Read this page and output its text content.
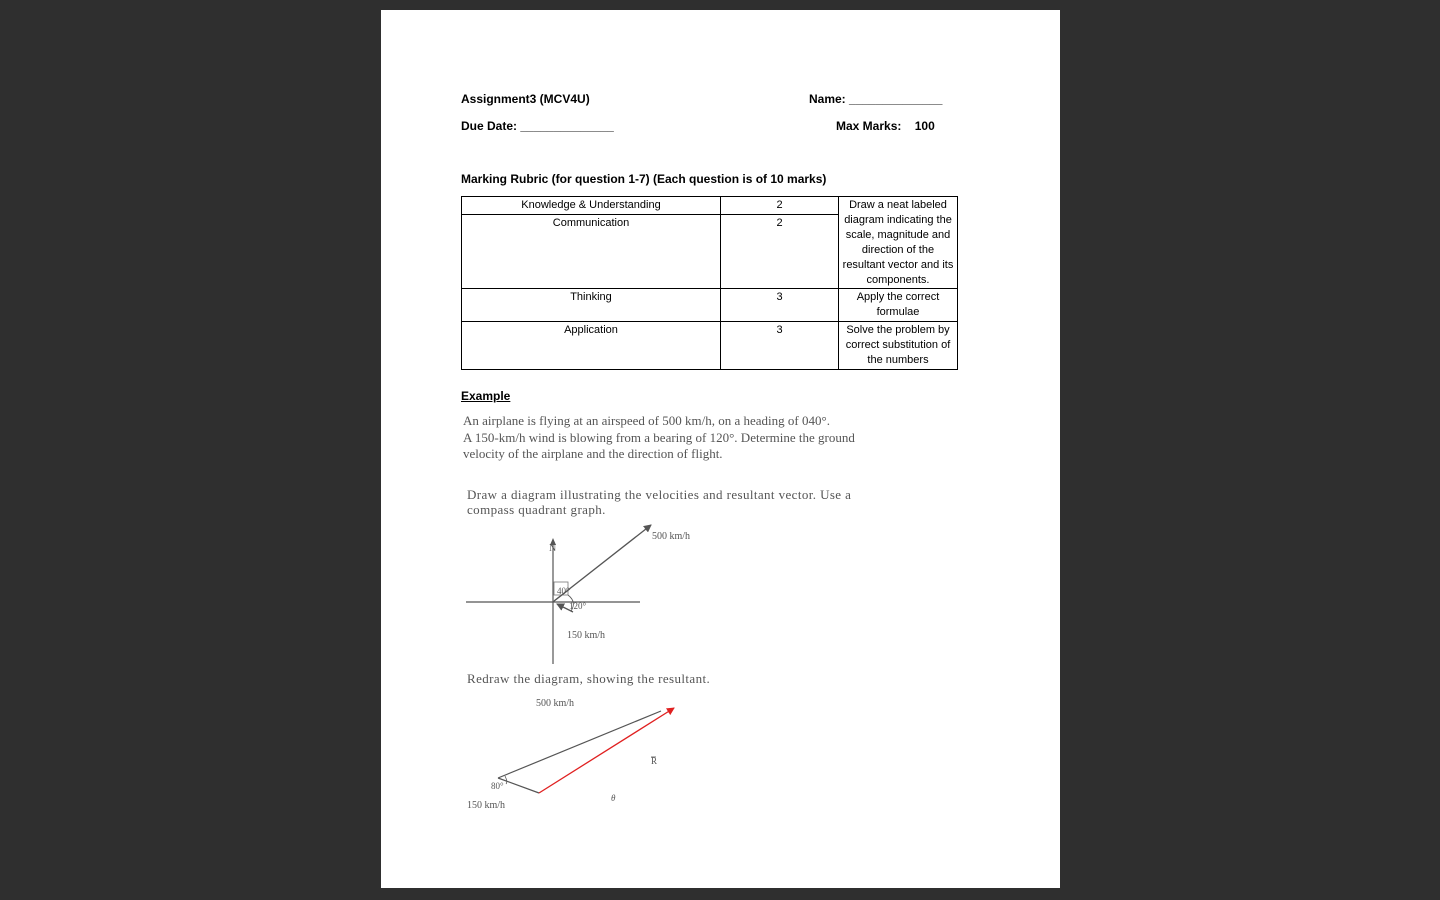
Assignment3 (MCV4U)	Name: ______________
Due Date: ______________	Max Marks: 100
Marking Rubric (for question 1-7) (Each question is of 10 marks)
Knowledge & Understanding	2	Draw a neat labeled diagram indicating the scale, magnitude and direction of the resultant vector and its components.
Communication	2	
Thinking	3	Apply the correct formulae
Application	3	Solve the problem by correct substitution of the numbers
Example
An airplane is flying at an airspeed of 500 km/h, on a heading of 040°.
A 150-km/h wind is blowing from a bearing of 120°. Determine the ground
velocity of the airplane and the direction of flight.
Draw a diagram illustrating the velocities and resultant vector. Use a
compass quadrant graph.
N
500 km/h
150 km/h
40°
120°
Redraw the diagram, showing the resultant.
500 km/h
80°
R
θ
150 km/h
